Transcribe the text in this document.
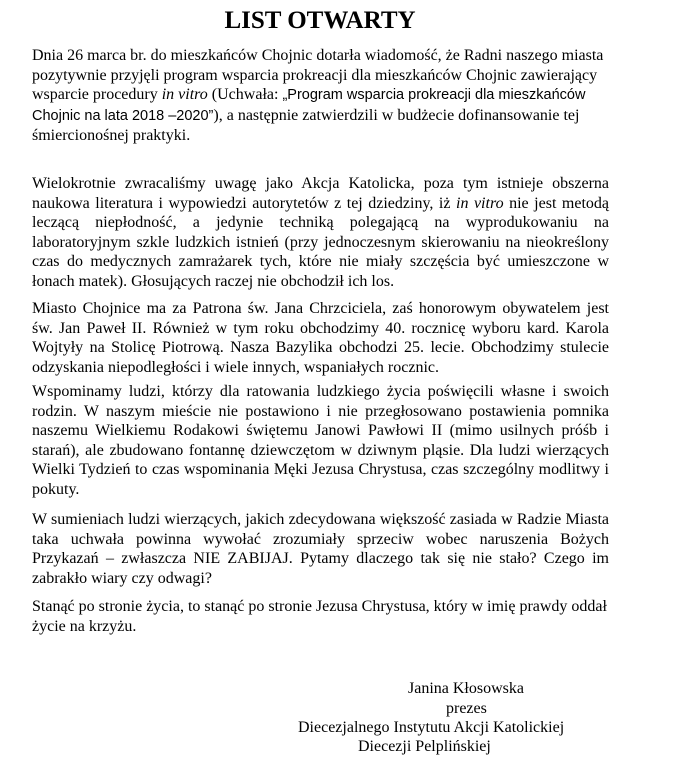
LIST OTWARTY

Dnia 26 marca br. do mieszkańców Chojnic dotarła wiadomość, że Radni naszego miasta pozytywnie przyjęli program wsparcia prokreacji dla mieszkańców Chojnic zawierający wsparcie procedury in vitro (Uchwała: „Program wsparcia prokreacji dla mieszkańców Chojnic na lata 2018 –2020”), a następnie zatwierdzili w budżecie dofinansowanie tej śmiercionośnej praktyki.

Wielokrotnie zwracaliśmy uwagę jako Akcja Katolicka, poza tym istnieje obszerna naukowa literatura i wypowiedzi autorytetów z tej dziedziny, iż in vitro nie jest metodą leczącą niepłodność, a jedynie techniką polegającą na wyprodukowaniu na laboratoryjnym szkle ludzkich istnień (przy jednoczesnym skierowaniu na nieokreślony czas do medycznych zamrażarek tych, które nie miały szczęścia być umieszczone w łonach matek). Głosujących raczej nie obchodził ich los.

Miasto Chojnice ma za Patrona św. Jana Chrzciciela, zaś honorowym obywatelem jest św. Jan Paweł II. Również w tym roku obchodzimy 40. rocznicę wyboru kard. Karola Wojtyły na Stolicę Piotrową. Nasza Bazylika obchodzi 25. lecie. Obchodzimy stulecie odzyskania niepodległości i wiele innych, wspaniałych rocznic.

Wspominamy ludzi, którzy dla ratowania ludzkiego życia poświęcili własne i swoich rodzin. W naszym mieście nie postawiono i nie przegłosowano postawienia pomnika naszemu Wielkiemu Rodakowi świętemu Janowi Pawłowi II (mimo usilnych próśb i starań), ale zbudowano fontannę dziewczętom w dziwnym pląsie. Dla ludzi wierzących Wielki Tydzień to czas wspominania Męki Jezusa Chrystusa, czas szczególny modlitwy i pokuty.

W sumieniach ludzi wierzących, jakich zdecydowana większość zasiada w Radzie Miasta taka uchwała powinna wywołać zrozumiały sprzeciw wobec naruszenia Bożych Przykazań – zwłaszcza NIE ZABIJAJ. Pytamy dlaczego tak się nie stało? Czego im zabrakło wiary czy odwagi?

Stanąć po stronie życia, to stanąć po stronie Jezusa Chrystusa, który w imię prawdy oddał życie na krzyżu.

Janina Kłosowska
prezes
Diecezjalnego Instytutu Akcji Katolickiej
Diecezji Pelplińskiej
